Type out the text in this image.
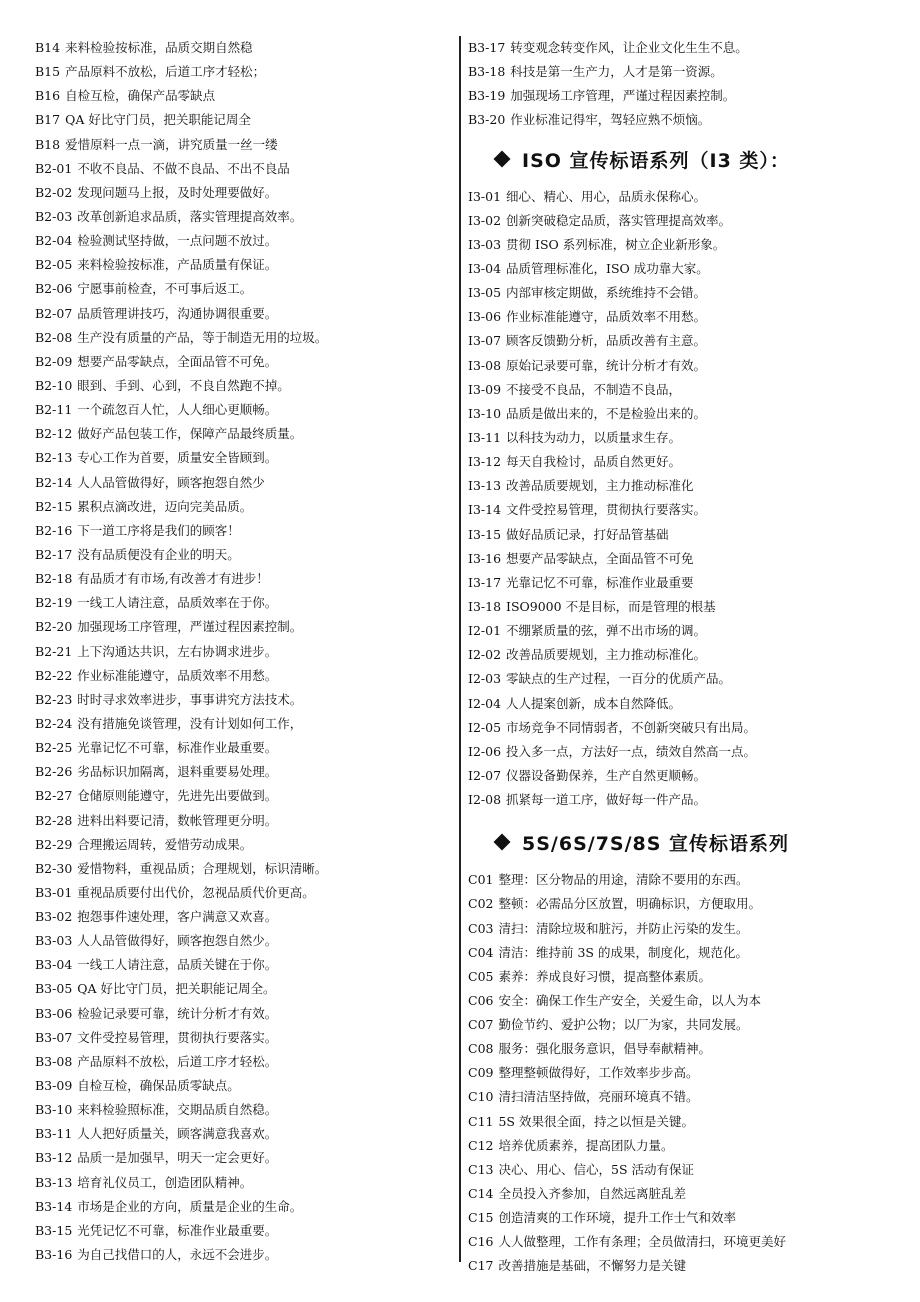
B14 来料检验按标准，品质交期自然稳
B15 产品原料不放松，后道工序才轻松；
B16 自检互检，确保产品零缺点
B17 QA 好比守门员，把关职能记周全
B18 爱惜原料一点一滴，讲究质量一丝一缕
B2-01 不收不良品、不做不良品、不出不良品
B2-02 发现问题马上报，及时处理要做好。
B2-03 改革创新追求品质，落实管理提高效率。
B2-04 检验测试坚持做，一点问题不放过。
B2-05 来料检验按标准，产品质量有保证。
B2-06 宁愿事前检查，不可事后返工。
B2-07 品质管理讲技巧，沟通协调很重要。
B2-08 生产没有质量的产品，等于制造无用的垃圾。
B2-09 想要产品零缺点，全面品管不可免。
B2-10 眼到、手到、心到，不良自然跑不掉。
B2-11 一个疏忽百人忙，人人细心更顺畅。
B2-12 做好产品包装工作，保障产品最终质量。
B2-13 专心工作为首要，质量安全皆顾到。
B2-14 人人品管做得好，顾客抱怨自然少
B2-15 累积点滴改进，迈向完美品质。
B2-16 下一道工序将是我们的顾客！
B2-17 没有品质便没有企业的明天。
B2-18 有品质才有市场,有改善才有进步！
B2-19 一线工人请注意，品质效率在于你。
B2-20 加强现场工序管理，严谨过程因素控制。
B2-21 上下沟通达共识，左右协调求进步。
B2-22 作业标准能遵守，品质效率不用愁。
B2-23 时时寻求效率进步，事事讲究方法技术。
B2-24 没有措施免谈管理，没有计划如何工作，
B2-25 光靠记忆不可靠，标准作业最重要。
B2-26 劣品标识加隔离，退料重要易处理。
B2-27 仓储原则能遵守，先进先出要做到。
B2-28 进料出料要记清，数帐管理更分明。
B2-29 合理搬运周转，爱惜劳动成果。
B2-30 爱惜物料，重视品质；合理规划，标识清晰。
B3-01 重视品质要付出代价，忽视品质代价更高。
B3-02 抱怨事件速处理，客户满意又欢喜。
B3-03 人人品管做得好，顾客抱怨自然少。
B3-04 一线工人请注意，品质关键在于你。
B3-05 QA 好比守门员，把关职能记周全。
B3-06 检验记录要可靠，统计分析才有效。
B3-07 文件受控易管理，贯彻执行要落实。
B3-08 产品原料不放松，后道工序才轻松。
B3-09 自检互检，确保品质零缺点。
B3-10 来料检验照标准，交期品质自然稳。
B3-11 人人把好质量关，顾客满意我喜欢。
B3-12 品质一是加强早，明天一定会更好。
B3-13 培育礼仪员工，创造团队精神。
B3-14 市场是企业的方向，质量是企业的生命。
B3-15 光凭记忆不可靠，标准作业最重要。
B3-16 为自己找借口的人，永远不会进步。
B3-17 转变观念转变作风，让企业文化生生不息。
B3-18 科技是第一生产力，人才是第一资源。
B3-19 加强现场工序管理，严谨过程因素控制。
B3-20 作业标准记得牢，驾轻应熟不烦恼。
ISO 宣传标语系列（I3 类）：
I3-01 细心、精心、用心，品质永保称心。
I3-02 创新突破稳定品质，落实管理提高效率。
I3-03 贯彻 ISO 系列标准，树立企业新形象。
I3-04 品质管理标准化，ISO 成功靠大家。
I3-05 内部审核定期做，系统维持不会错。
I3-06 作业标准能遵守，品质效率不用愁。
I3-07 顾客反馈勤分析，品质改善有主意。
I3-08 原始记录要可靠，统计分析才有效。
I3-09 不接受不良品，不制造不良品，
I3-10 品质是做出来的，不是检验出来的。
I3-11 以科技为动力，以质量求生存。
I3-12 每天自我检讨，品质自然更好。
I3-13 改善品质要规划，主力推动标准化
I3-14 文件受控易管理，贯彻执行要落实。
I3-15 做好品质记录，打好品管基础
I3-16 想要产品零缺点，全面品管不可免
I3-17 光靠记忆不可靠，标准作业最重要
I3-18 ISO9000 不是目标，而是管理的根基
I2-01 不绷紧质量的弦，弹不出市场的调。
I2-02 改善品质要规划，主力推动标准化。
I2-03 零缺点的生产过程，一百分的优质产品。
I2-04 人人提案创新，成本自然降低。
I2-05 市场竞争不同情弱者，不创新突破只有出局。
I2-06 投入多一点，方法好一点，绩效自然高一点。
I2-07 仪器设备勤保养，生产自然更顺畅。
I2-08 抓紧每一道工序，做好每一件产品。
5S/6S/7S/8S 宣传标语系列
C01 整理：区分物品的用途，清除不要用的东西。
C02 整顿：必需品分区放置，明确标识，方便取用。
C03 清扫：清除垃圾和脏污，并防止污染的发生。
C04 清洁：维持前 3S 的成果，制度化，规范化。
C05 素养：养成良好习惯，提高整体素质。
C06 安全：确保工作生产安全，关爱生命，以人为本
C07 勤俭节约、爱护公物；以厂为家，共同发展。
C08 服务：强化服务意识，倡导奉献精神。
C09 整理整顿做得好，工作效率步步高。
C10 清扫清洁坚持做，亮丽环境真不错。
C11 5S 效果很全面，持之以恒是关键。
C12 培养优质素养，提高团队力量。
C13 决心、用心、信心，5S 活动有保证
C14 全员投入齐参加，自然远离脏乱差
C15 创造清爽的工作环境，提升工作士气和效率
C16 人人做整理，工作有条理；全员做清扫，环境更美好
C17 改善措施是基础，不懈努力是关键
